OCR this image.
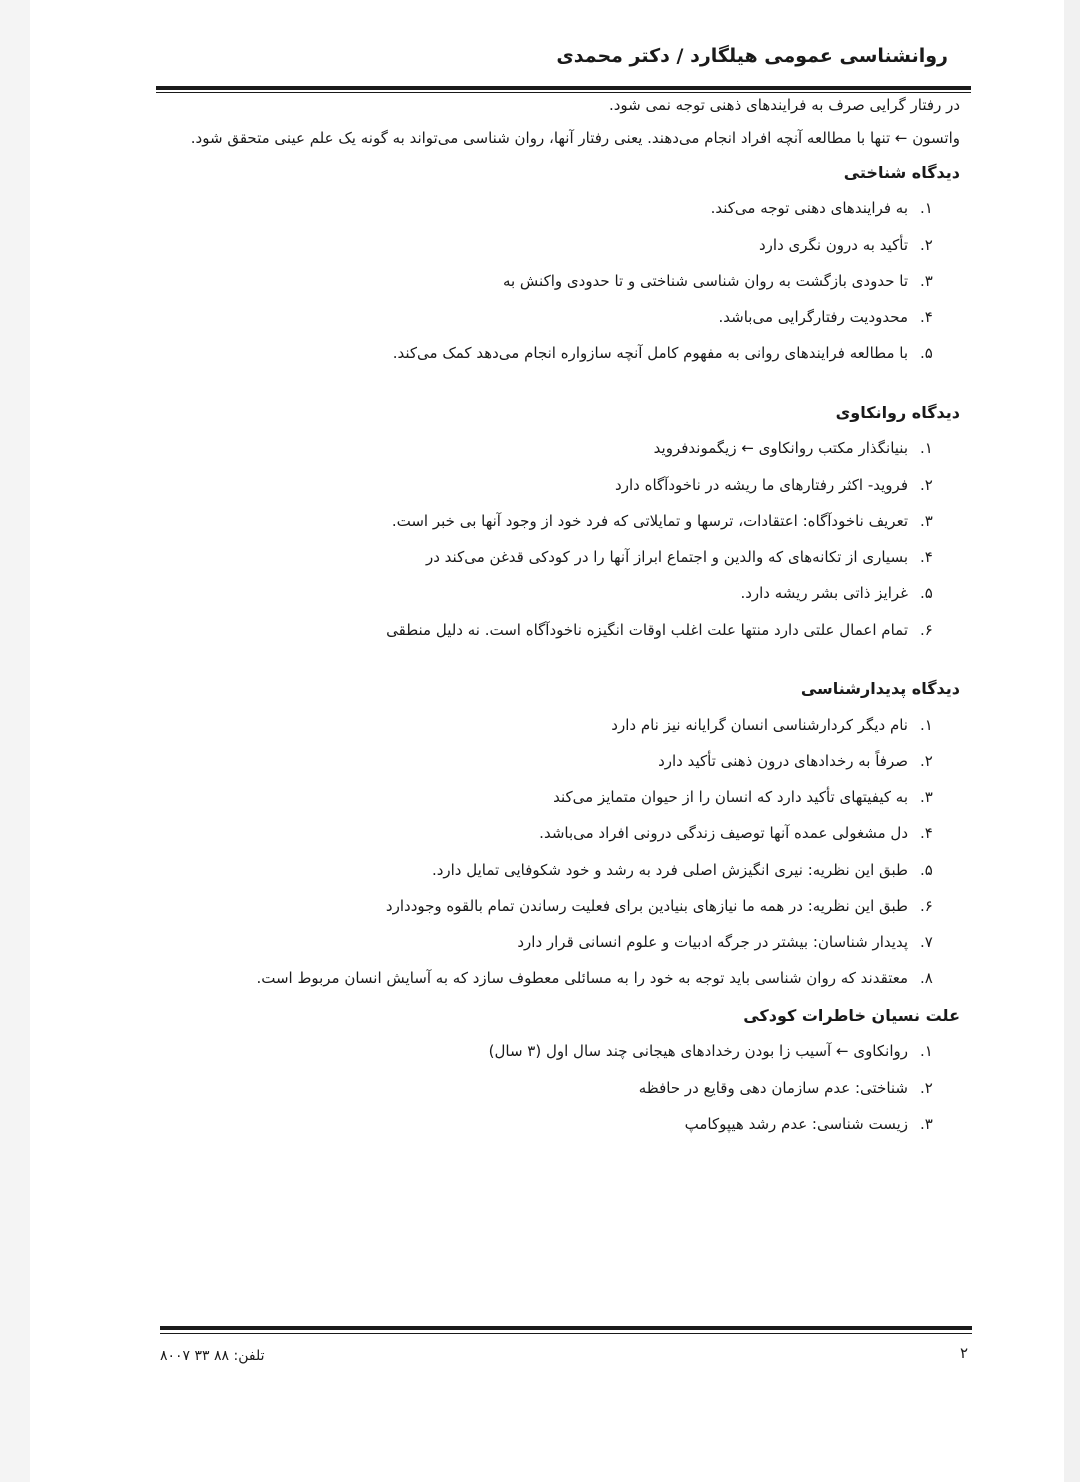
روانشناسی عمومی هیلگارد / دکتر محمدی

در رفتار گرایی صرف به فرایندهای ذهنی توجه نمی شود.

واتسون ← تنها با مطالعه آنچه افراد انجام می‌دهند. یعنی رفتار آنها، روان شناسی می‌تواند به گونه یک علم عینی متحقق شود.

دیدگاه شناختی
۱.
به فرایندهای دهنی توجه می‌کند.
۲.
تأکید به درون نگری دارد
۳.
تا حدودی بازگشت به روان شناسی شناختی و تا حدودی واکنش به
۴.
محدودیت رفتارگرایی می‌باشد.
۵.
با مطالعه فرایندهای روانی به مفهوم کامل آنچه سازواره انجام می‌دهد کمک می‌کند.
دیدگاه روانکاوی
۱.
بنیانگذار مکتب روانکاوی ← زیگموندفروید
۲.
فروید- اکثر رفتارهای ما ریشه در ناخودآگاه دارد
۳.
تعریف ناخودآگاه: اعتقادات، ترسها و تمایلاتی که فرد خود از وجود آنها بی خبر است.
۴.
بسیاری از تکانه‌های که والدین و اجتماع ابراز آنها را در کودکی قدغن می‌کند در
۵.
غرایز ذاتی بشر ریشه دارد.
۶.
تمام اعمال علتی دارد منتها علت اغلب اوقات انگیزه ناخودآگاه است. نه دلیل منطقی
دیدگاه پدیدارشناسی
۱.
نام دیگر کردارشناسی انسان گرایانه نیز نام دارد
۲.
صرفاً به رخدادهای درون ذهنی تأکید دارد
۳.
به کیفیتهای تأکید دارد که انسان را از حیوان متمایز می‌کند
۴.
دل مشغولی عمده آنها توصیف زندگی درونی افراد می‌باشد.
۵.
طبق این نظریه: نیری انگیزش اصلی فرد به رشد و خود شکوفایی تمایل دارد.
۶.
طبق این نظریه: در همه ما نیازهای بنیادین برای فعلیت رساندن تمام بالقوه وجوددارد
۷.
پدیدار شناسان: بیشتر در جرگه ادبیات و علوم انسانی قرار دارد
۸.
معتقدند که روان شناسی باید توجه به خود را به مسائلی معطوف سازد که به آسایش انسان مربوط است.
علت نسیان خاطرات کودکی
۱.
روانکاوی ← آسیب زا بودن رخدادهای هیجانی چند سال اول (۳ سال)
۲.
شناختی: عدم سازمان دهی وقایع در حافظه
۳.
زیست شناسی: عدم رشد هیپوکامپ
۲
تلفن: ۸۸ ۳۳ ۸۰۰۷
